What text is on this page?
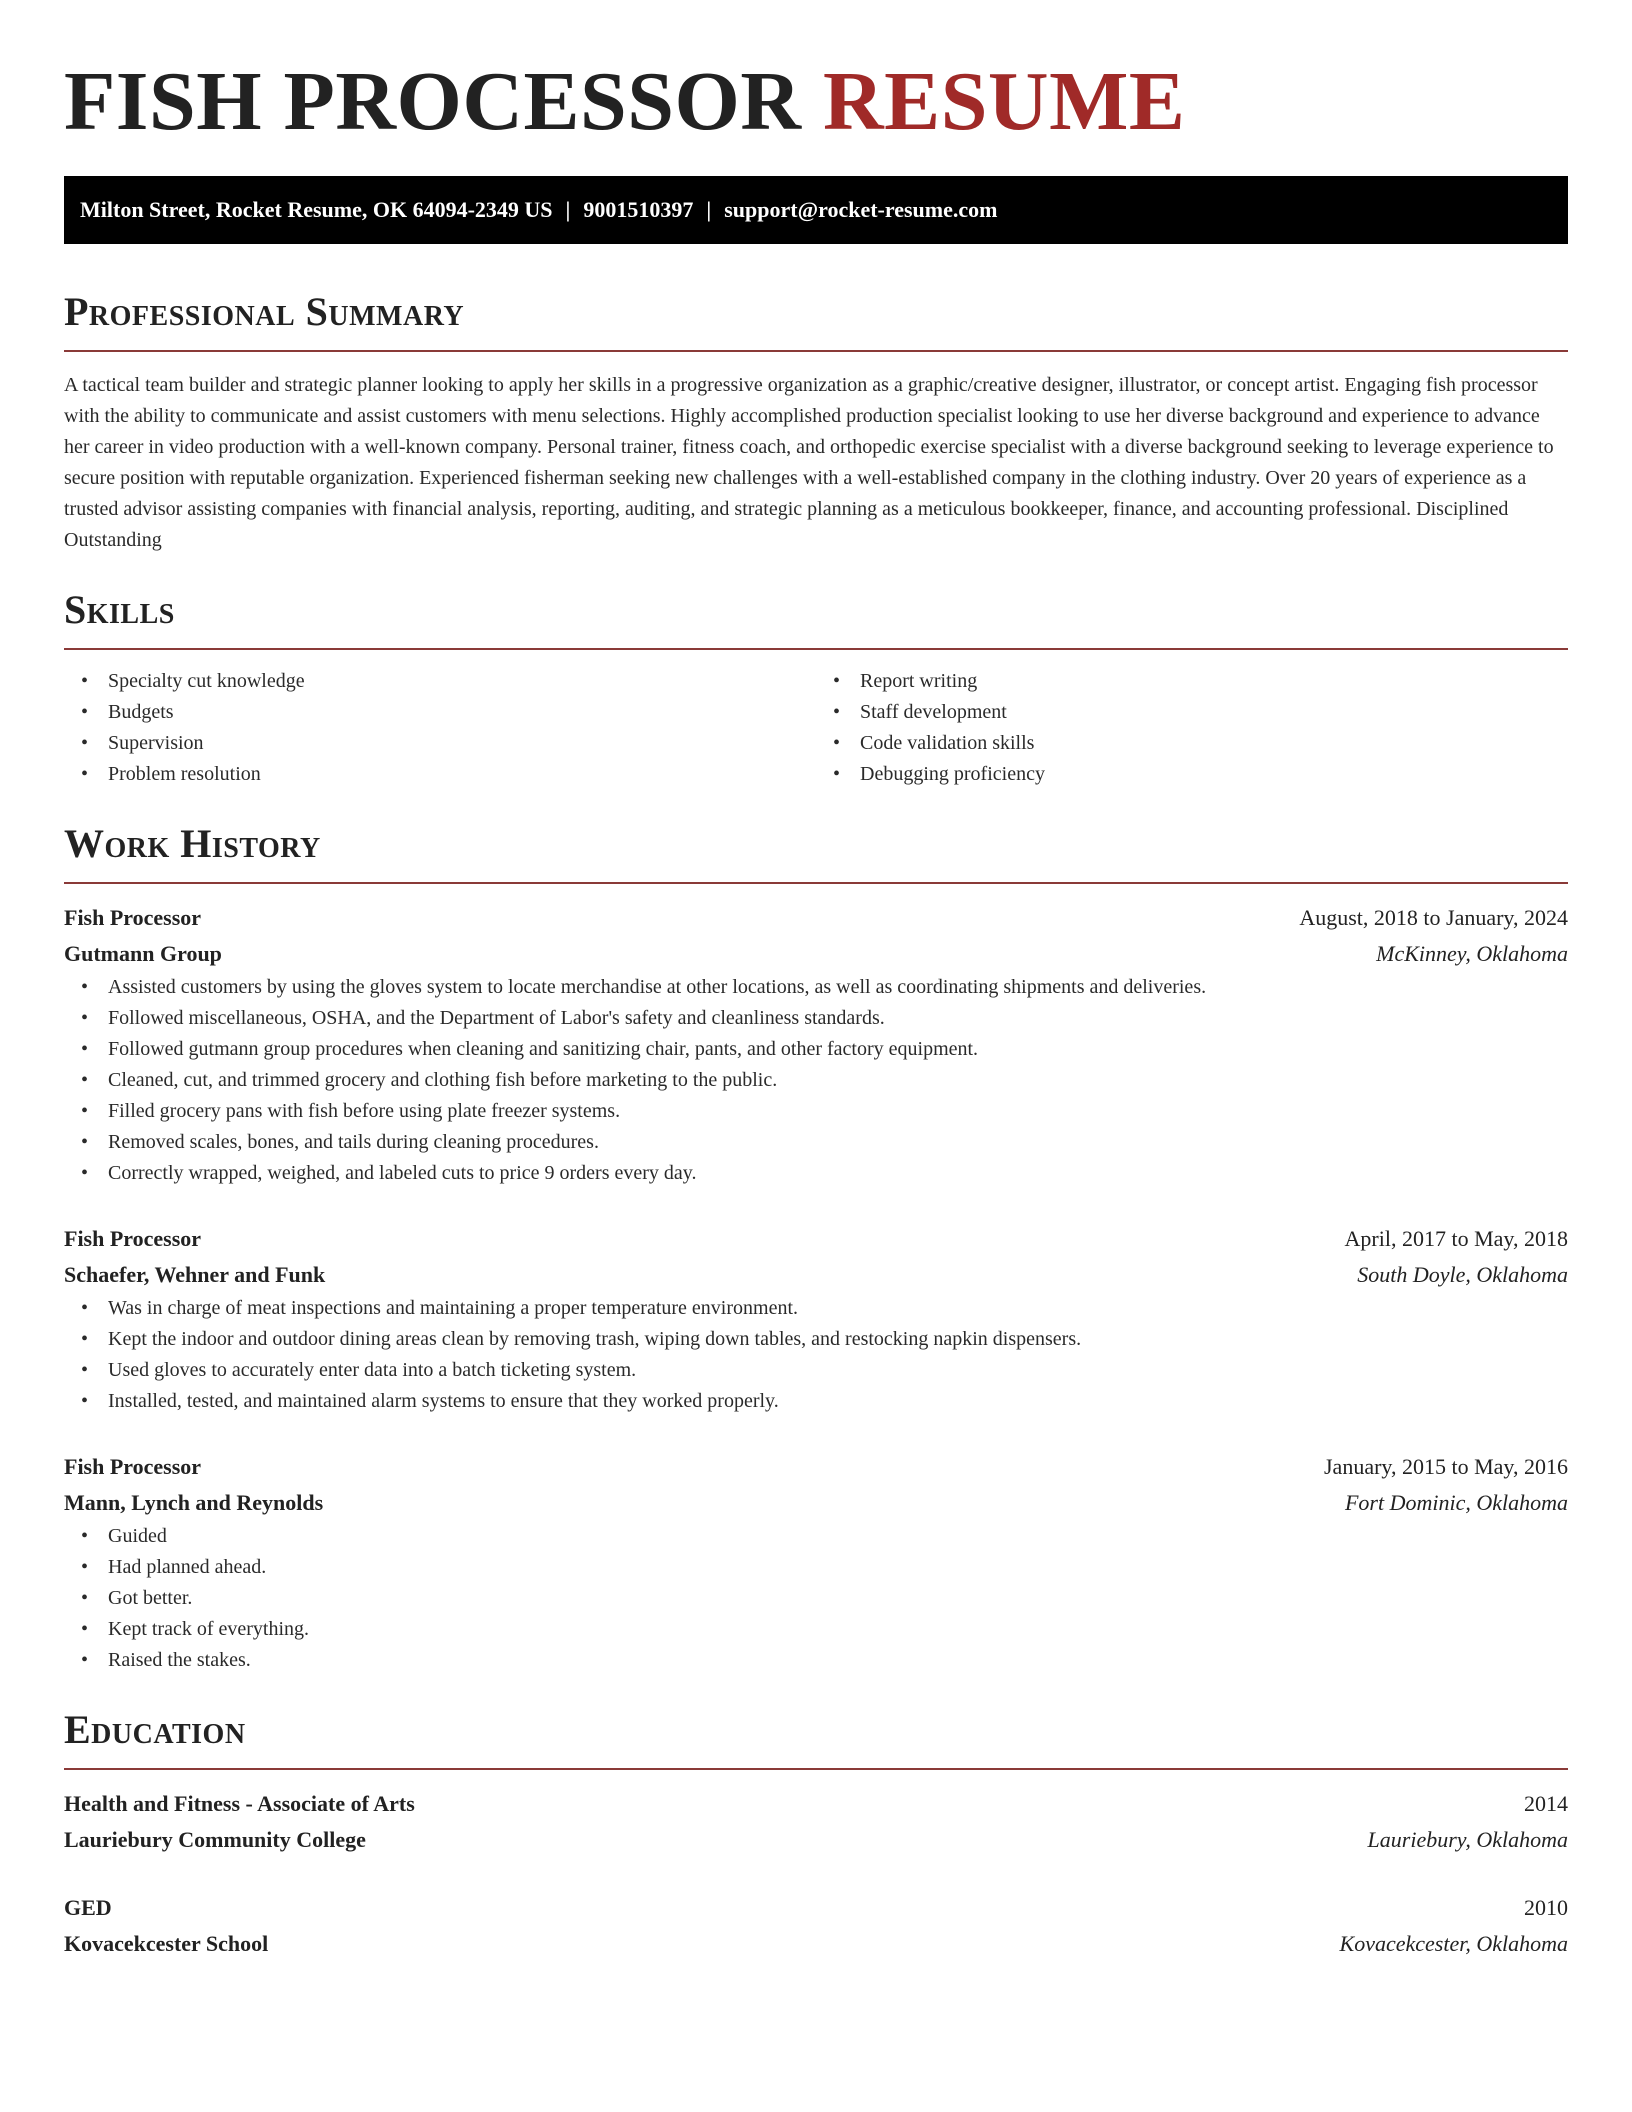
FISH PROCESSOR RESUME
Milton Street, Rocket Resume, OK 64094-2349 US | 9001510397 | support@rocket-resume.com
Professional Summary

A tactical team builder and strategic planner looking to apply her skills in a progressive organization as a graphic/creative designer, illustrator, or concept artist. Engaging fish processor with the ability to communicate and assist customers with menu selections. Highly accomplished production specialist looking to use her diverse background and experience to advance her career in video production with a well-known company. Personal trainer, fitness coach, and orthopedic exercise specialist with a diverse background seeking to leverage experience to secure position with reputable organization. Experienced fisherman seeking new challenges with a well-established company in the clothing industry. Over 20 years of experience as a trusted advisor assisting companies with financial analysis, reporting, auditing, and strategic planning as a meticulous bookkeeper, finance, and accounting professional. Disciplined Outstanding

Skills
• Specialty cut knowledge
• Budgets
• Supervision
• Problem resolution
• Report writing
• Staff development
• Code validation skills
• Debugging proficiency
Work History
Fish Processor	August, 2018 to January, 2024
Gutmann Group	McKinney, Oklahoma
• Assisted customers by using the gloves system to locate merchandise at other locations, as well as coordinating shipments and deliveries.
• Followed miscellaneous, OSHA, and the Department of Labor's safety and cleanliness standards.
• Followed gutmann group procedures when cleaning and sanitizing chair, pants, and other factory equipment.
• Cleaned, cut, and trimmed grocery and clothing fish before marketing to the public.
• Filled grocery pans with fish before using plate freezer systems.
• Removed scales, bones, and tails during cleaning procedures.
• Correctly wrapped, weighed, and labeled cuts to price 9 orders every day.
Fish Processor	April, 2017 to May, 2018
Schaefer, Wehner and Funk	South Doyle, Oklahoma
• Was in charge of meat inspections and maintaining a proper temperature environment.
• Kept the indoor and outdoor dining areas clean by removing trash, wiping down tables, and restocking napkin dispensers.
• Used gloves to accurately enter data into a batch ticketing system.
• Installed, tested, and maintained alarm systems to ensure that they worked properly.
Fish Processor	January, 2015 to May, 2016
Mann, Lynch and Reynolds	Fort Dominic, Oklahoma
• Guided
• Had planned ahead.
• Got better.
• Kept track of everything.
• Raised the stakes.
Education
Health and Fitness - Associate of Arts	2014
Lauriebury Community College	Lauriebury, Oklahoma
GED	2010
Kovacekcester School	Kovacekcester, Oklahoma
